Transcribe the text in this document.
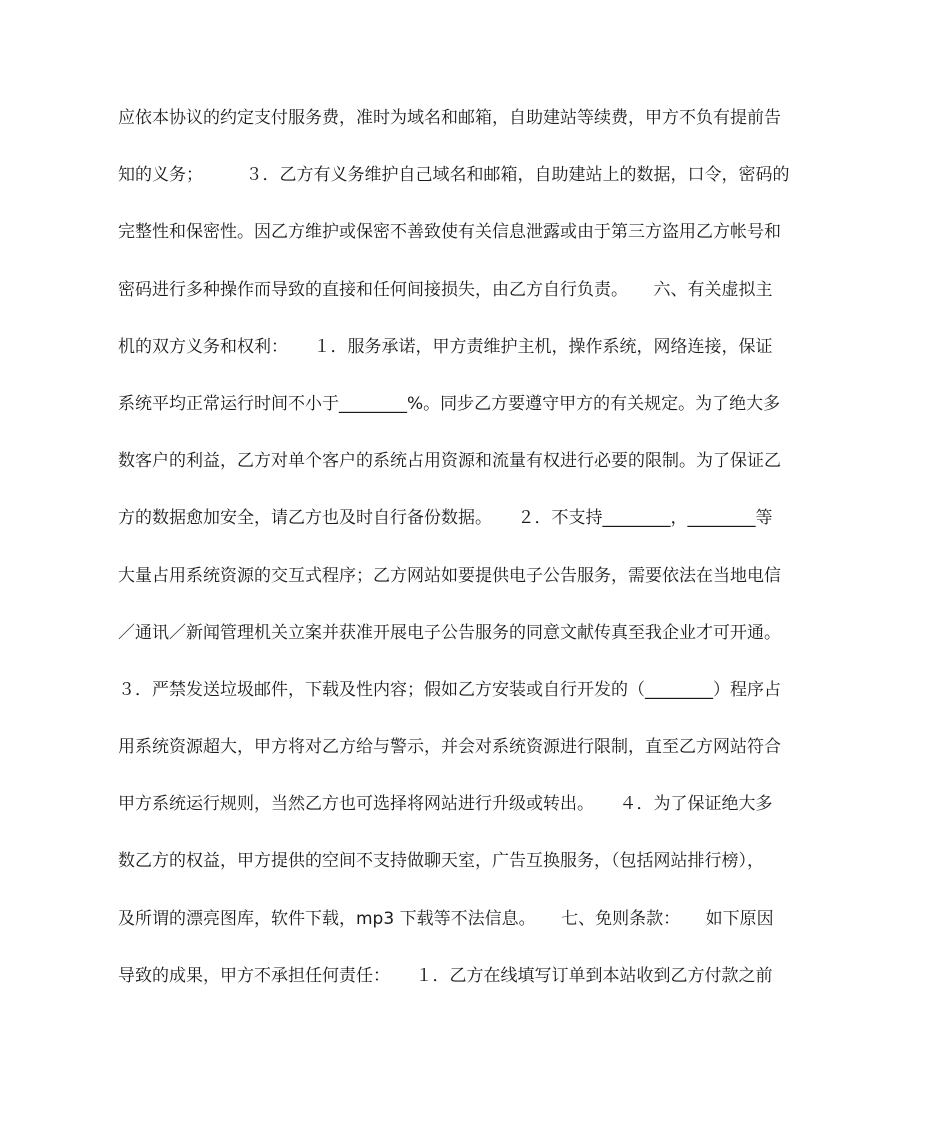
应依本协议的约定支付服务费，准时为域名和邮箱，自助建站等续费，甲方不负有提前告
知的义务；　　　３．乙方有义务维护自己域名和邮箱，自助建站上的数据，口令，密码的
完整性和保密性。因乙方维护或保密不善致使有关信息泄露或由于第三方盗用乙方帐号和
密码进行多种操作而导致的直接和任何间接损失，由乙方自行负责。　　六、有关虚拟主
机的双方义务和权利：　　１．服务承诺，甲方责维护主机，操作系统，网络连接，保证
系统平均正常运行时间不小于________%。同步乙方要遵守甲方的有关规定。为了绝大多
数客户的利益，乙方对单个客户的系统占用资源和流量有权进行必要的限制。为了保证乙
方的数据愈加安全，请乙方也及时自行备份数据。　　２．不支持________，________等
大量占用系统资源的交互式程序；乙方网站如要提供电子公告服务，需要依法在当地电信
／通讯／新闻管理机关立案并获准开展电子公告服务的同意文献传真至我企业才可开通。
３．严禁发送垃圾邮件，下载及性内容；假如乙方安装或自行开发的（________）程序占
用系统资源超大，甲方将对乙方给与警示，并会对系统资源进行限制，直至乙方网站符合
甲方系统运行规则，当然乙方也可选择将网站进行升级或转出。　　４．为了保证绝大多
数乙方的权益，甲方提供的空间不支持做聊天室，广告互换服务，（包括网站排行榜），
及所谓的漂亮图库，软件下载，mp3 下载等不法信息。　　七、免则条款：　　如下原因
导致的成果，甲方不承担任何责任：　　１．乙方在线填写订单到本站收到乙方付款之前
